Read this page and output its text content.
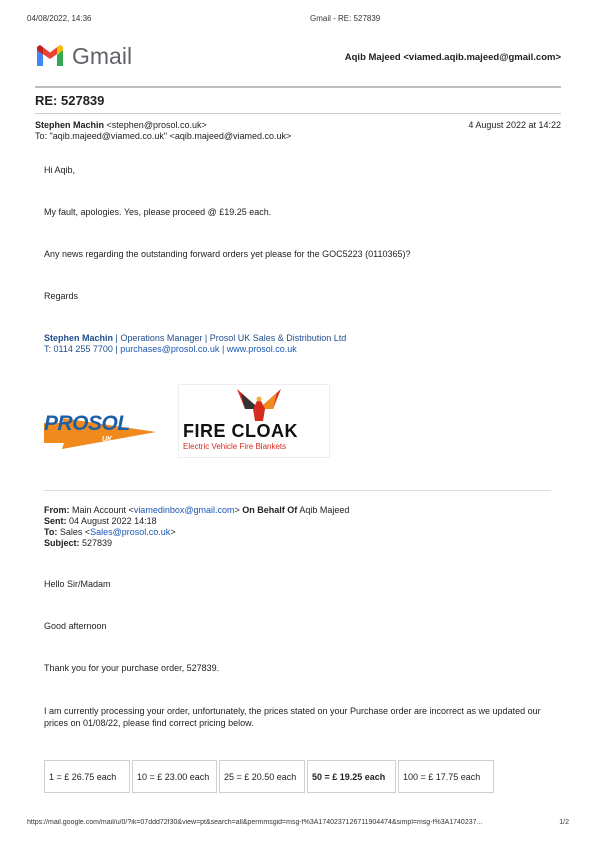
04/08/2022, 14:36	Gmail - RE: 527839
Gmail	Aqib Majeed <viamed.aqib.majeed@gmail.com>
RE: 527839
Stephen Machin <stephen@prosol.co.uk>	4 August 2022 at 14:22
To: "aqib.majeed@viamed.co.uk" <aqib.majeed@viamed.co.uk>
Hi Aqib,
My fault, apologies. Yes, please proceed @ £19.25 each.
Any news regarding the outstanding forward orders yet please for the GOC5223 (0110365)?
Regards
Stephen Machin | Operations Manager | Prosol UK Sales & Distribution Ltd
T: 0114 255 7700 | purchases@prosol.co.uk | www.prosol.co.uk
PROSOL
UK	FIRE CLOAK
Electric Vehicle Fire Blankets
From: Main Account <viamedinbox@gmail.com> On Behalf Of Aqib Majeed
Sent: 04 August 2022 14:18
To: Sales <Sales@prosol.co.uk>
Subject: 527839
Hello Sir/Madam
Good afternoon
Thank you for your purchase order, 527839.
I am currently processing your order, unfortunately, the prices stated on your Purchase order are incorrect as we updated our prices on 01/08/22, please find correct pricing below.
1 = £ 26.75 each	10 = £ 23.00 each	25 = £ 20.50 each	50 = £ 19.25 each	100 = £ 17.75 each
https://mail.google.com/mail/u/0/?ik=07ddd72f30&view=pt&search=all&permmsgid=msg-f%3A1740237126711904474&simpl=msg-f%3A1740237...	1/2
